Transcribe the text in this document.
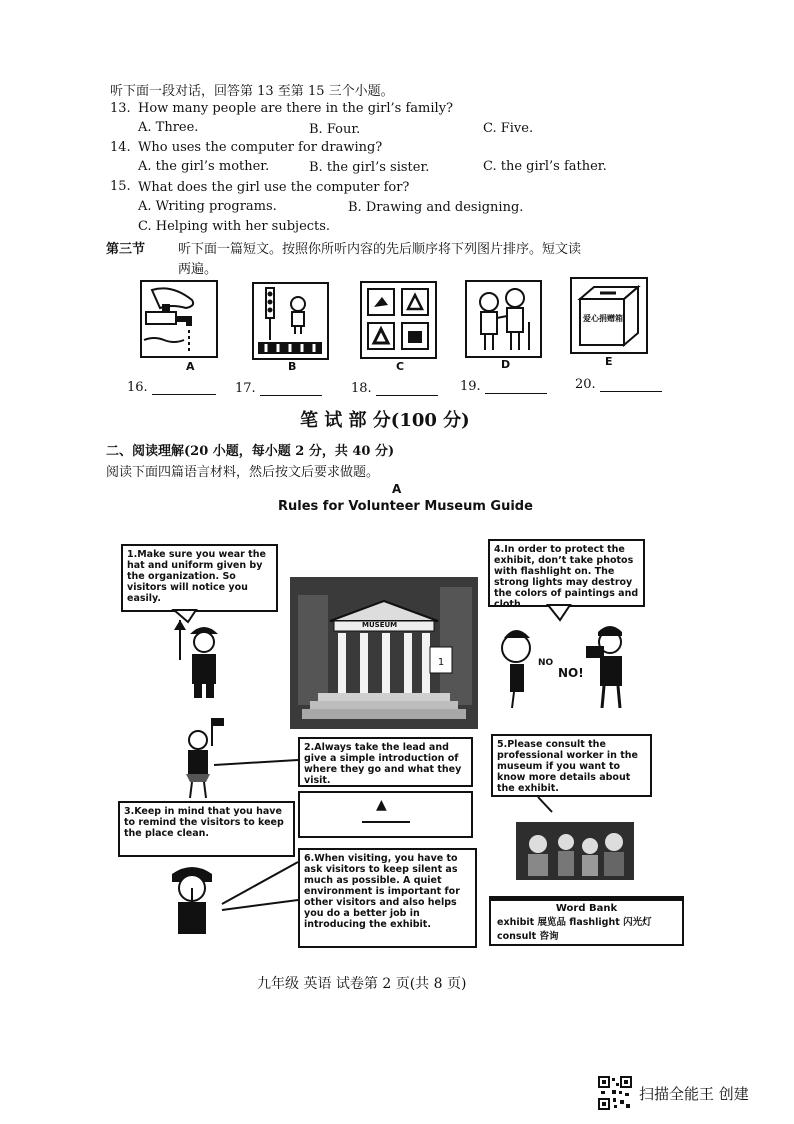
听下面一段对话，回答第 13 至第 15 三个小题。
13. How many people are there in the girl’s family?
A. Three.	B. Four.	C. Five.
14. Who uses the computer for drawing?
A. the girl’s mother.	B. the girl’s sister.	C. the girl’s father.
15. What does the girl use the computer for?
A. Writing programs.	B. Drawing and designing.
C. Helping with her subjects.
第三节	听下面一篇短文。按照你所听内容的先后顺序将下列图片排序。短文读
两遍。
A	B	C	D
爱心捐赠箱
E
16.	17.	18.	19.	20.
笔 试 部 分(100 分)
二、阅读理解(20 小题，每小题 2 分，共 40 分)
阅读下面四篇语言材料，然后按文后要求做题。
A
Rules for Volunteer Museum Guide
1.Make sure you wear the hat and uniform given by the organization. So visitors will notice you easily.
4.In order to protect the exhibit, don’t take photos with flashlight on. The strong lights may destroy the colors of paintings and cloth.
2.Always take the lead and give a simple introduction of where they go and what they visit.
5.Please consult the professional worker in the museum if you want to know more details about the exhibit.
3.Keep in mind that you have to remind the visitors to keep the place clean.
6.When visiting, you have to ask visitors to keep silent as much as possible. A quiet environment is important for other visitors and also helps you do a better job in introducing the exhibit.
▲
1
MUSEUM
NO
NO!
Word Bank
exhibit 展览品 flashlight 闪光灯
consult 咨询
九年级 英语 试卷第 2 页(共 8 页)
扫描全能王 创建
